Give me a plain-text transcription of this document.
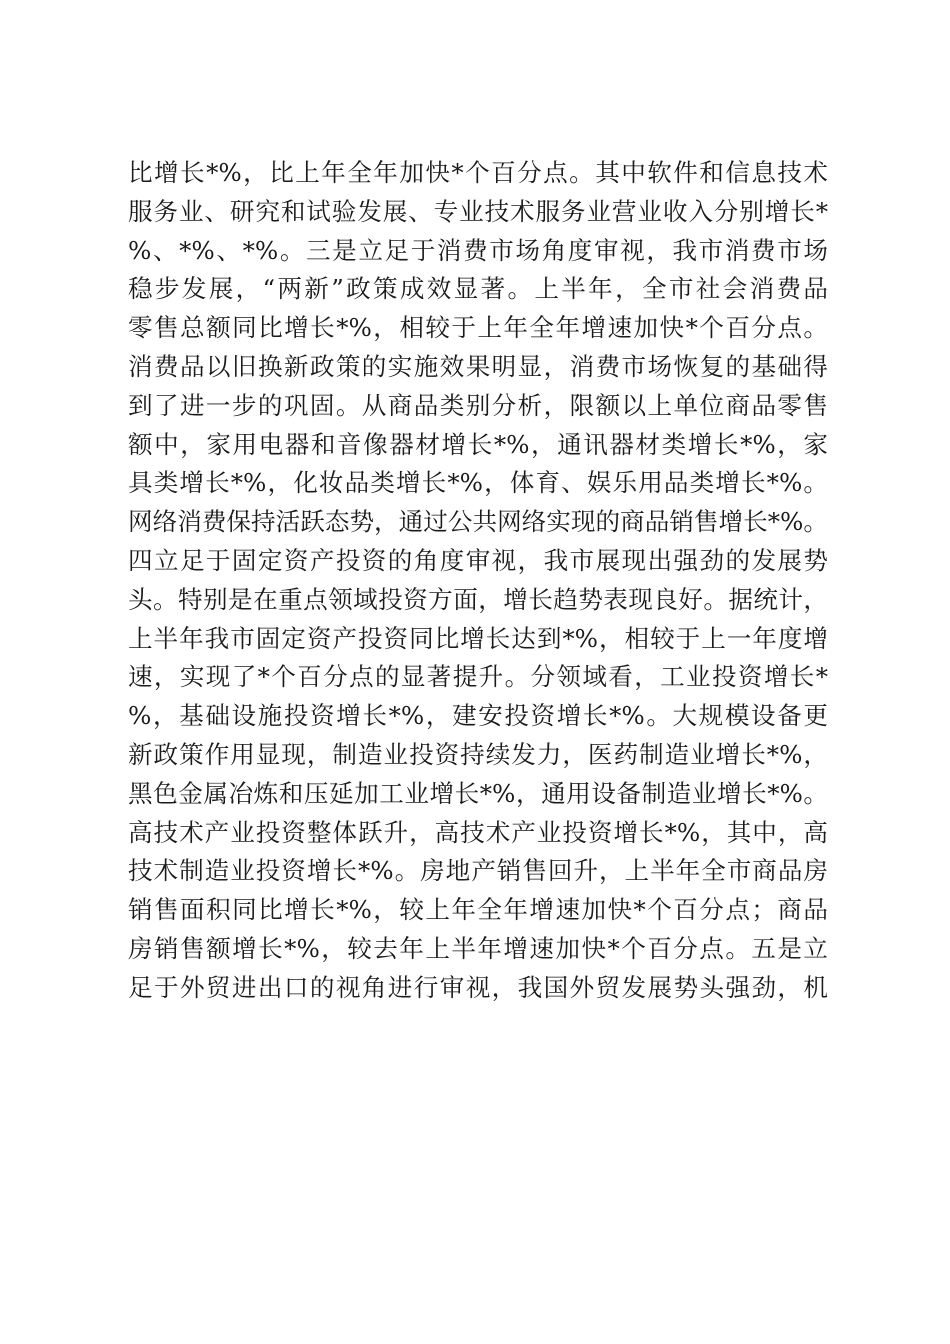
比增长*%，比上年全年加快*个百分点。其中软件和信息技术
服务业、研究和试验发展、专业技术服务业营业收入分别增长*
%、*%、*%。三是立足于消费市场角度审视，我市消费市场
稳步发展，“两新”政策成效显著。上半年，全市社会消费品
零售总额同比增长*%，相较于上年全年增速加快*个百分点。
消费品以旧换新政策的实施效果明显，消费市场恢复的基础得
到了进一步的巩固。从商品类别分析，限额以上单位商品零售
额中，家用电器和音像器材增长*%，通讯器材类增长*%，家
具类增长*%，化妆品类增长*%，体育、娱乐用品类增长*%。
网络消费保持活跃态势，通过公共网络实现的商品销售增长*%。
四立足于固定资产投资的角度审视，我市展现出强劲的发展势
头。特别是在重点领域投资方面，增长趋势表现良好。据统计，
上半年我市固定资产投资同比增长达到*%，相较于上一年度增
速，实现了*个百分点的显著提升。分领域看，工业投资增长*
%，基础设施投资增长*%，建安投资增长*%。大规模设备更
新政策作用显现，制造业投资持续发力，医药制造业增长*%，
黑色金属冶炼和压延加工业增长*%，通用设备制造业增长*%。
高技术产业投资整体跃升，高技术产业投资增长*%，其中，高
技术制造业投资增长*%。房地产销售回升，上半年全市商品房
销售面积同比增长*%，较上年全年增速加快*个百分点；商品
房销售额增长*%，较去年上半年增速加快*个百分点。五是立
足于外贸进出口的视角进行审视，我国外贸发展势头强劲，机
